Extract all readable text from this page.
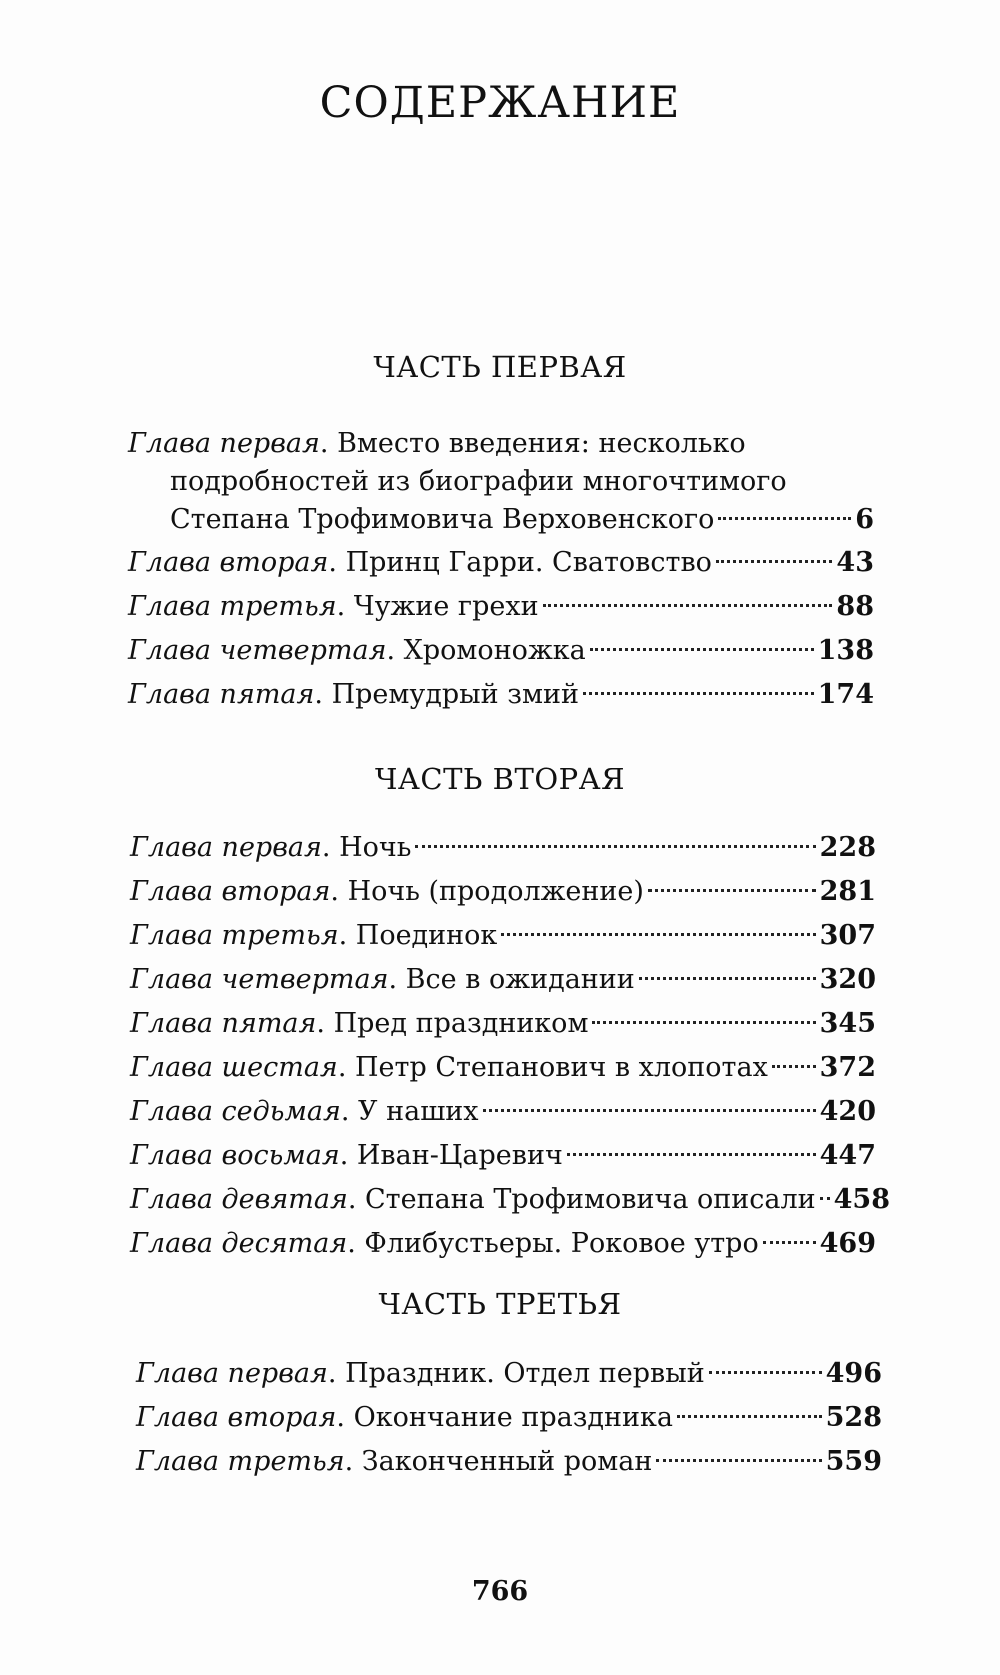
СОДЕРЖАНИЕ
ЧАСТЬ ПЕРВАЯ
Глава первая. Вместо введения: несколько
подробностей из биографии многочтимого
Степана Трофимовича Верховенского	6
Глава вторая . Принц Гарри. Сватовство	43
Глава третья . Чужие грехи	88
Глава четвертая . Хромоножка	138
Глава пятая . Премудрый змий	174
ЧАСТЬ ВТОРАЯ
Глава первая . Ночь	228
Глава вторая . Ночь (продолжение)	281
Глава третья . Поединок	307
Глава четвертая . Все в ожидании	320
Глава пятая . Пред праздником	345
Глава шестая . Петр Степанович в хлопотах 372
Глава седьмая . У наших	420
Глава восьмая . Иван-Царевич	447
Глава девятая . Степана Трофимовича описали 458
Глава десятая . Флибустьеры. Роковое утро 469
ЧАСТЬ ТРЕТЬЯ
Глава первая . Праздник. Отдел первый	496
Глава вторая . Окончание праздника	528
Глава третья . Законченный роман	559

766
